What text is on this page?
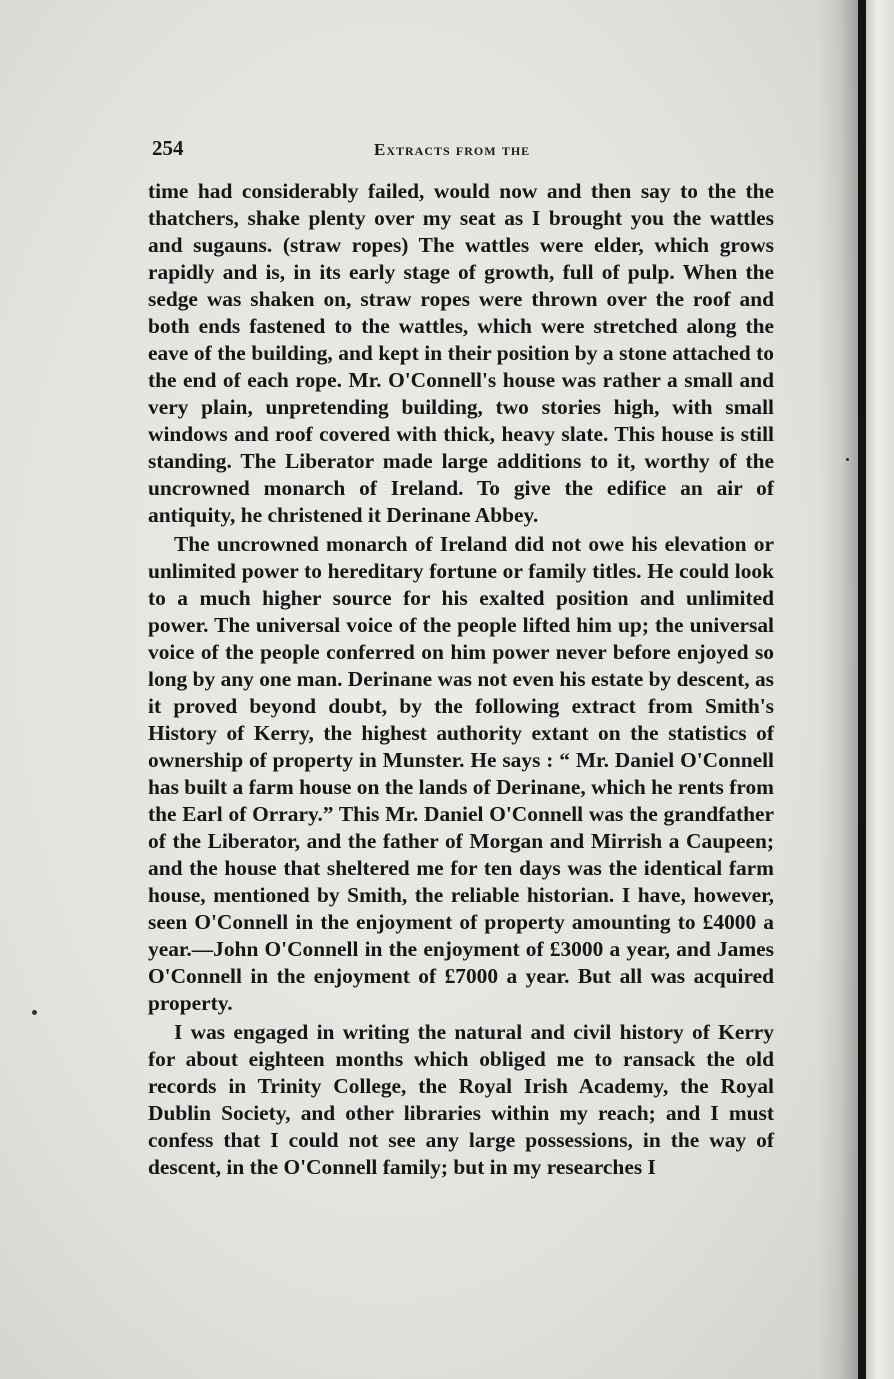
254	Extracts from the

time had considerably failed, would now and then say to the the thatchers, shake plenty over my seat as I brought you the wattles and sugauns. (straw ropes) The wattles were elder, which grows rapidly and is, in its early stage of growth, full of pulp. When the sedge was shaken on, straw ropes were thrown over the roof and both ends fastened to the wattles, which were stretched along the eave of the building, and kept in their position by a stone attached to the end of each rope. Mr. O'Connell's house was rather a small and very plain, unpretending building, two stories high, with small windows and roof covered with thick, heavy slate. This house is still standing. The Liberator made large additions to it, worthy of the uncrowned monarch of Ireland. To give the edifice an air of antiquity, he christened it Derinane Abbey.

The uncrowned monarch of Ireland did not owe his elevation or unlimited power to hereditary fortune or family titles. He could look to a much higher source for his exalted position and unlimited power. The universal voice of the people lifted him up; the universal voice of the people conferred on him power never before enjoyed so long by any one man. Derinane was not even his estate by descent, as it proved beyond doubt, by the following extract from Smith's History of Kerry, the highest authority extant on the statistics of ownership of property in Munster. He says : “ Mr. Daniel O'Connell has built a farm house on the lands of Derinane, which he rents from the Earl of Orrary.” This Mr. Daniel O'Connell was the grandfather of the Liberator, and the father of Morgan and Mirrish a Caupeen; and the house that sheltered me for ten days was the identical farm house, mentioned by Smith, the reliable historian. I have, however, seen O'Connell in the enjoyment of property amounting to £4000 a year.—John O'Connell in the enjoyment of £3000 a year, and James O'Connell in the enjoyment of £7000 a year. But all was acquired property.

I was engaged in writing the natural and civil history of Kerry for about eighteen months which obliged me to ransack the old records in Trinity College, the Royal Irish Academy, the Royal Dublin Society, and other libraries within my reach; and I must confess that I could not see any large possessions, in the way of descent, in the O'Connell family; but in my researches I
